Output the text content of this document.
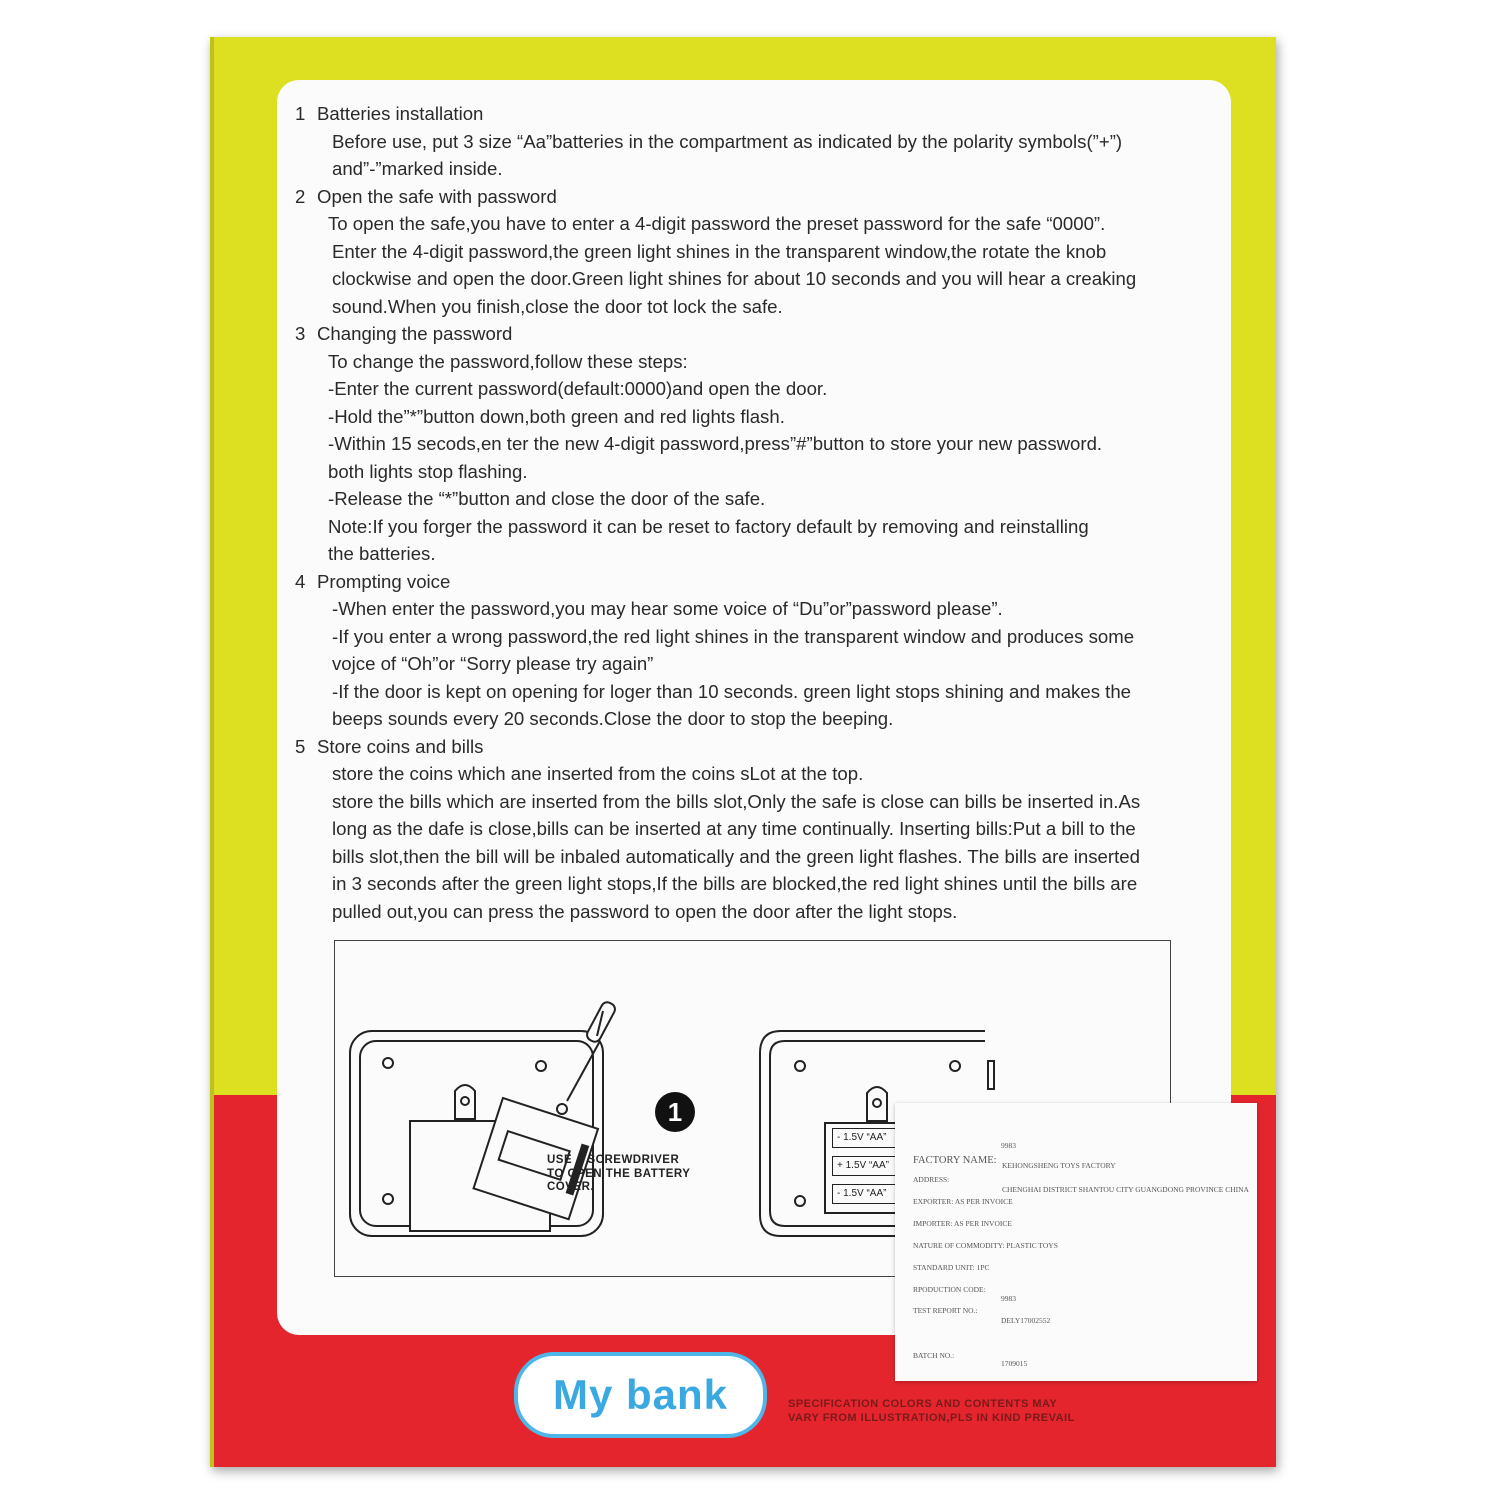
1 Batteries installation
Before use, put 3 size “Aa”batteries in the compartment as indicated by the polarity symbols(”+”)
and”-”marked inside.
2 Open the safe with password
To open the safe,you have to enter a 4-digit password the preset password for the safe “0000”.
Enter the 4-digit password,the green light shines in the transparent window,the rotate the knob
clockwise and open the door.Green light shines for about 10 seconds and you will hear a creaking
sound.When you finish,close the door tot lock the safe.
3 Changing the password
To change the password,follow these steps:
-Enter the current password(default:0000)and open the door.
-Hold the”*”button down,both green and red lights flash.
-Within 15 secods,en ter the new 4-digit password,press”#”button to store your new password.
both lights stop flashing.
-Release the “*”button and close the door of the safe.
Note:If you forger the password it can be reset to factory default by removing and reinstalling
the batteries.
4 Prompting voice
-When enter the password,you may hear some voice of “Du”or”password please”.
-If you enter a wrong password,the red light shines in the transparent window and produces some
vojce of “Oh”or “Sorry please try again”
-If the door is kept on opening for loger than 10 seconds. green light stops shining and makes the
beeps sounds every 20 seconds.Close the door to stop the beeping.
5 Store coins and bills
store the coins which ane inserted from the coins sLot at the top.
store the bills which are inserted from the bills slot,Only the safe is close can bills be inserted in.As
long as the dafe is close,bills can be inserted at any time continually. Inserting bills:Put a bill to the
bills slot,then the bill will be inbaled automatically and the green light flashes. The bills are inserted
in 3 seconds after the green light stops,If the bills are blocked,the red light shines until the bills are
pulled out,you can press the password to open the door after the light stops.
1
USE A SCREWDRIVER
TO OPEN THE BATTERY
COVER.
- 1.5V “AA”
+ 1.5V “AA”
- 1.5V “AA”
My bank	SPECIFICATION COLORS AND CONTENTS MAY
VARY FROM ILLUSTRATION,PLS IN KIND PREVAIL
9983
FACTORY NAME: KEHONGSHENG TOYS FACTORY
ADDRESS:
CHENGHAI DISTRICT SHANTOU CITY GUANGDONG PROVINCE CHINA
EXPORTER: AS PER INVOICE
IMPORTER: AS PER INVOICE
NATURE OF COMMODITY: PLASTIC TOYS
STANDARD UNIT: 1PC
RPODUCTION CODE:
9983
TEST REPORT NO.:
DELY17002552
BATCH NO.:
1709015
